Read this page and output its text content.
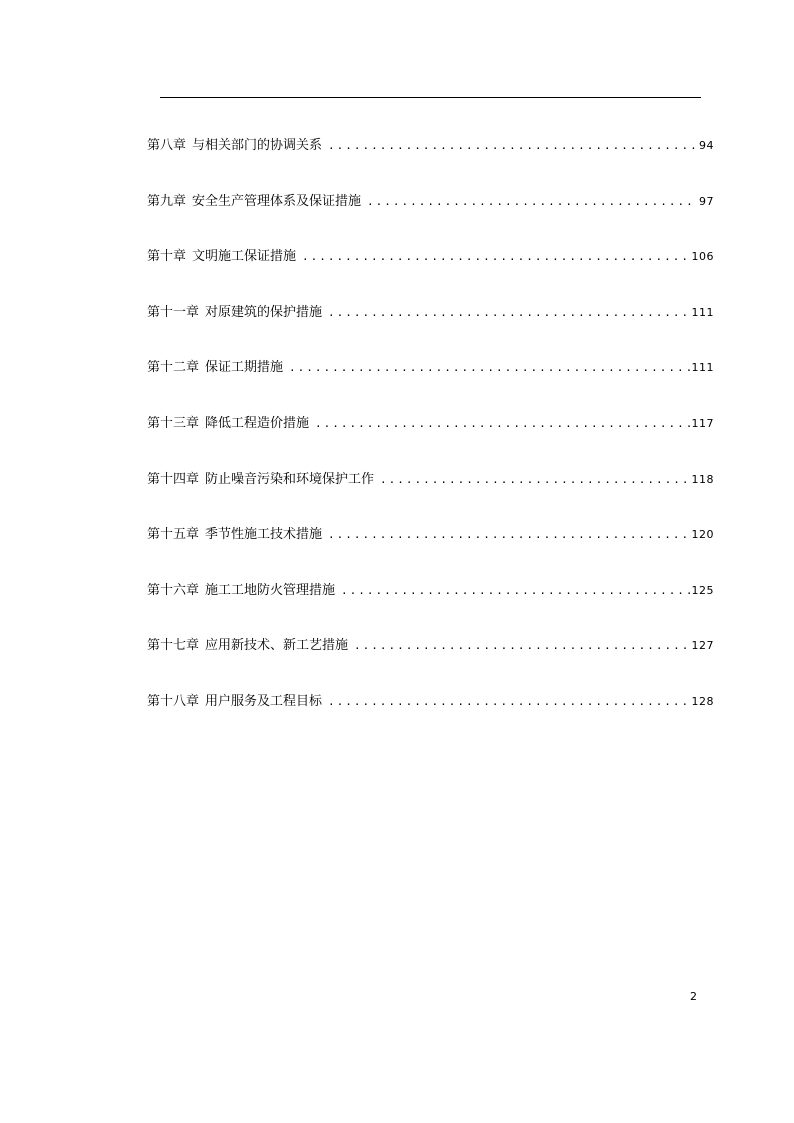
第八章 与相关部门的协调关系 .....	94
第九章 安全生产管理体系及保证措施 .....	97
第十章 文明施工保证措施 .....	106
第十一章 对原建筑的保护措施 .....	111
第十二章 保证工期措施 .....	111
第十三章 降低工程造价措施 .....	117
第十四章 防止噪音污染和环境保护工作 .....	118
第十五章 季节性施工技术措施 .....	120
第十六章 施工工地防火管理措施 .....	125
第十七章 应用新技术、新工艺措施 .....	127
第十八章 用户服务及工程目标 .....	128
2
